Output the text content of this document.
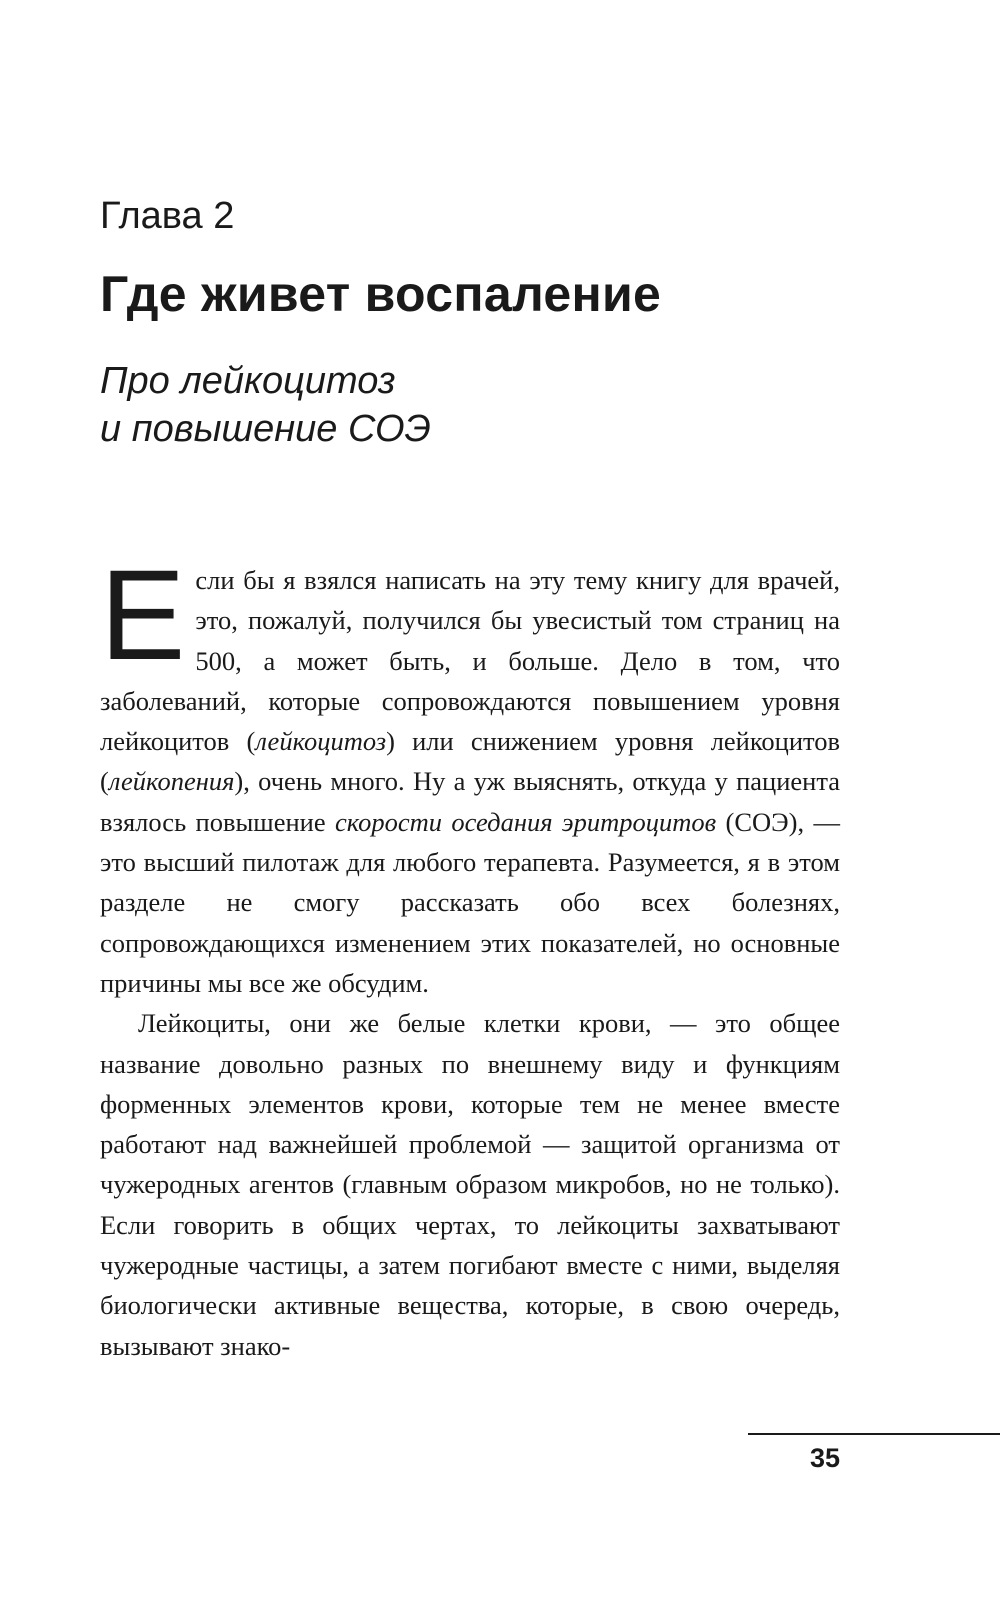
Глава 2
Где живет воспаление
Про лейкоцитоз
и повышение СОЭ

Если бы я взялся написать на эту тему книгу для врачей, это, пожалуй, получился бы увесистый том страниц на 500, а может быть, и больше. Дело в том, что заболеваний, которые сопровождаются повышением уровня лейкоцитов (лейкоцитоз) или снижением уровня лейкоцитов (лейкопения), очень много. Ну а уж выяснять, откуда у пациента взялось повышение скорости оседания эритроцитов (СОЭ), — это высший пилотаж для любого терапевта. Разумеется, я в этом разделе не смогу рассказать обо всех болезнях, сопровождающихся изменением этих показателей, но основные причины мы все же обсудим.

Лейкоциты, они же белые клетки крови, — это общее название довольно разных по внешнему виду и функциям форменных элементов крови, которые тем не менее вместе работают над важнейшей проблемой — защитой организма от чужеродных агентов (главным образом микробов, но не только). Если говорить в общих чертах, то лейкоциты захватывают чужеродные частицы, а затем погибают вместе с ними, выделяя биологически активные вещества, которые, в свою очередь, вызывают знако-

35
